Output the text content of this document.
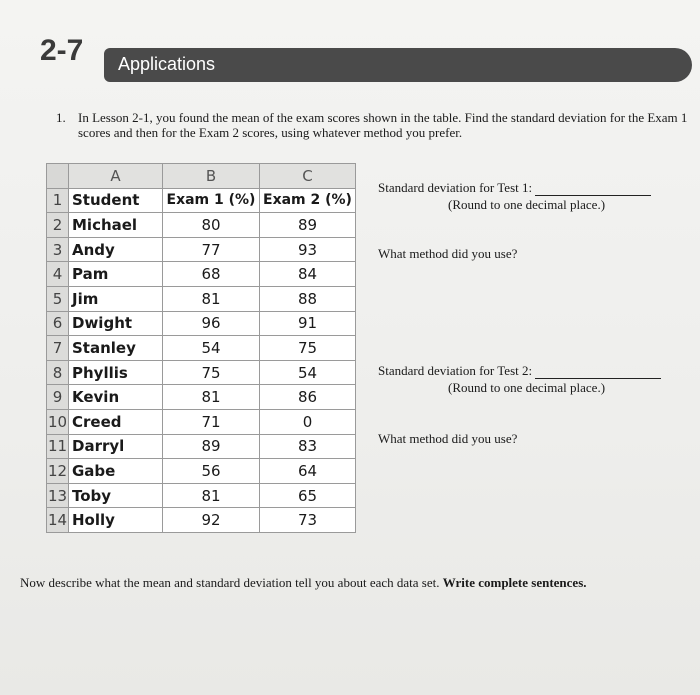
2-7 Applications
1. In Lesson 2-1, you found the mean of the exam scores shown in the table. Find the standard deviation for the Exam 1 scores and then for the Exam 2 scores, using whatever method you prefer.
	A	B	C
1	Student	Exam 1 (%)	Exam 2 (%)
2	Michael	80	89
3	Andy	77	93
4	Pam	68	84
5	Jim	81	88
6	Dwight	96	91
7	Stanley	54	75
8	Phyllis	75	54
9	Kevin	81	86
10	Creed	71	0
11	Darryl	89	83
12	Gabe	56	64
13	Toby	81	65
14	Holly	92	73
Standard deviation for Test 1:
(Round to one decimal place.)
What method did you use?
Standard deviation for Test 2:
(Round to one decimal place.)
What method did you use?
Now describe what the mean and standard deviation tell you about each data set. Write complete sentences.
